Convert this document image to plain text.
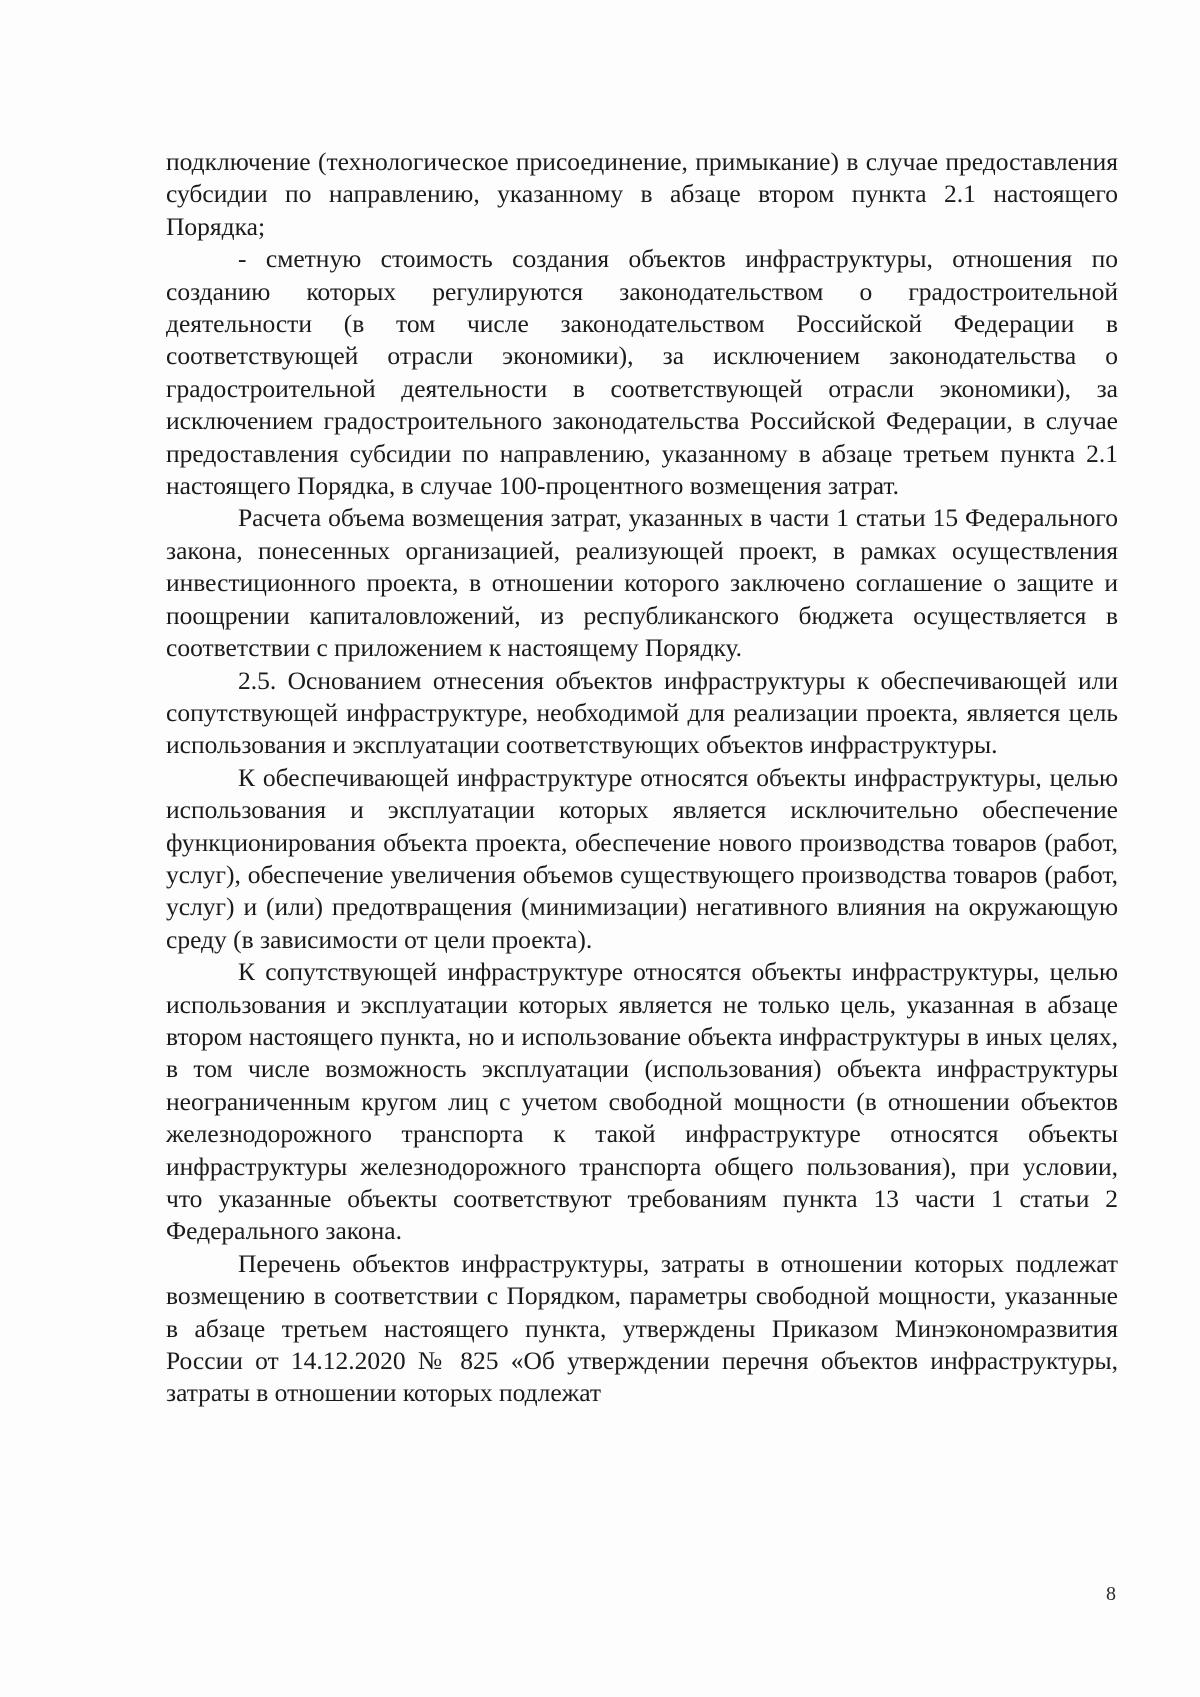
подключение (технологическое присоединение, примыкание) в случае предоставления субсидии по направлению, указанному в абзаце втором пункта 2.1 настоящего Порядка;

- сметную стоимость создания объектов инфраструктуры, отношения по созданию которых регулируются законодательством о градостроительной деятельности (в том числе законодательством Российской Федерации в соответствующей отрасли экономики), за исключением законодательства о градостроительной деятельности в соответствующей отрасли экономики), за исключением градостроительного законодательства Российской Федерации, в случае предоставления субсидии по направлению, указанному в абзаце третьем пункта 2.1 настоящего Порядка, в случае 100-процентного возмещения затрат.

Расчета объема возмещения затрат, указанных в части 1 статьи 15 Федерального закона, понесенных организацией, реализующей проект, в рамках осуществления инвестиционного проекта, в отношении которого заключено соглашение о защите и поощрении капиталовложений, из республиканского бюджета осуществляется в соответствии с приложением к настоящему Порядку.

2.5. Основанием отнесения объектов инфраструктуры к обеспечивающей или сопутствующей инфраструктуре, необходимой для реализации проекта, является цель использования и эксплуатации соответствующих объектов инфраструктуры.

К обеспечивающей инфраструктуре относятся объекты инфраструктуры, целью использования и эксплуатации которых является исключительно обеспечение функционирования объекта проекта, обеспечение нового производства товаров (работ, услуг), обеспечение увеличения объемов существующего производства товаров (работ, услуг) и (или) предотвращения (минимизации) негативного влияния на окружающую среду (в зависимости от цели проекта).

К сопутствующей инфраструктуре относятся объекты инфраструктуры, целью использования и эксплуатации которых является не только цель, указанная в абзаце втором настоящего пункта, но и использование объекта инфраструктуры в иных целях, в том числе возможность эксплуатации (использования) объекта инфраструктуры неограниченным кругом лиц с учетом свободной мощности (в отношении объектов железнодорожного транспорта к такой инфраструктуре относятся объекты инфраструктуры железнодорожного транспорта общего пользования), при условии, что указанные объекты соответствуют требованиям пункта 13 части 1 статьи 2 Федерального закона.

Перечень объектов инфраструктуры, затраты в отношении которых подлежат возмещению в соответствии с Порядком, параметры свободной мощности, указанные в абзаце третьем настоящего пункта, утверждены Приказом Минэкономразвития России от 14.12.2020 № 825 «Об утверждении перечня объектов инфраструктуры, затраты в отношении которых подлежат

8
